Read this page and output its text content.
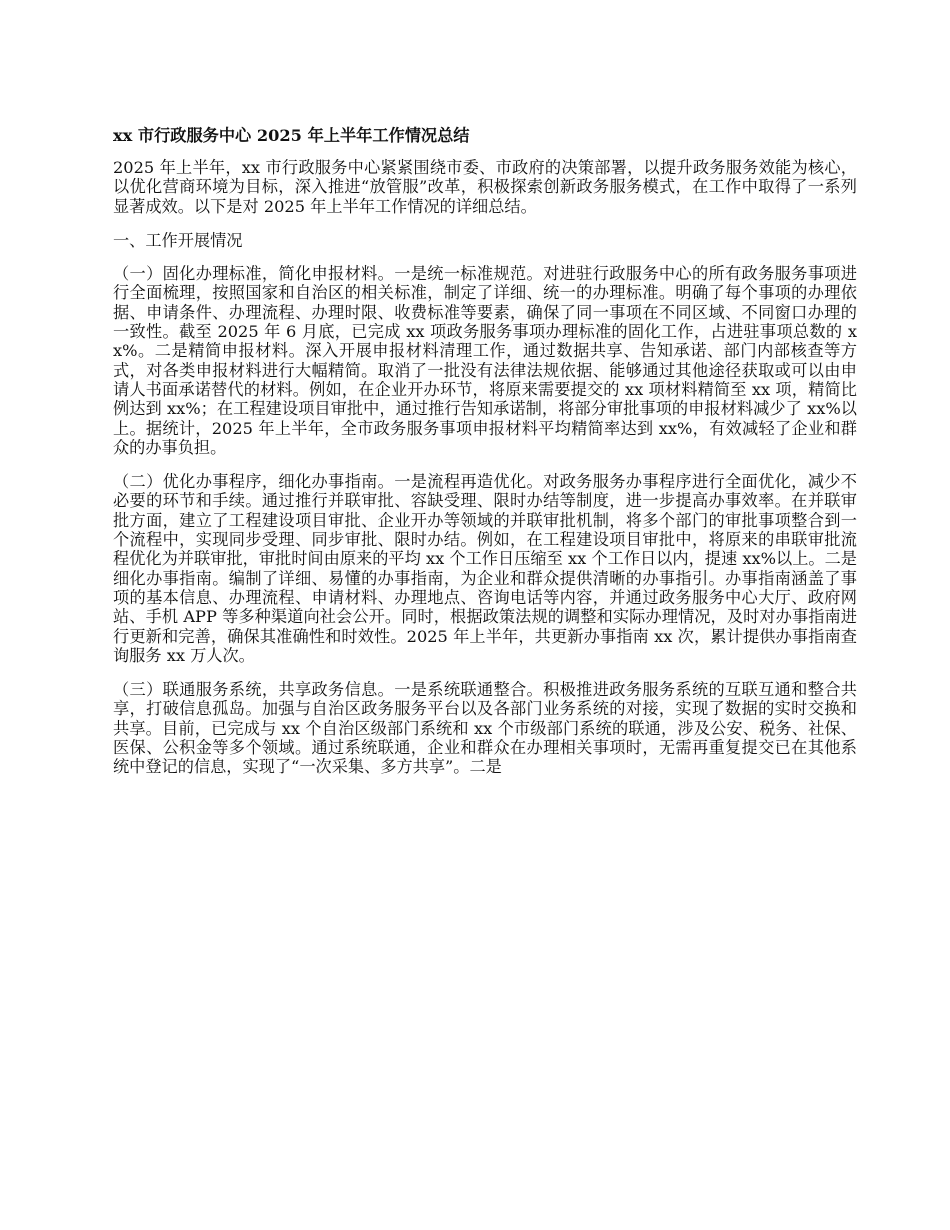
xx 市行政服务中心 2025 年上半年工作情况总结
2025 年上半年，xx 市行政服务中心紧紧围绕市委、市政府的决策部署，以提升政务服务效能为核心，以优化营商环境为目标，深入推进“放管服”改革，积极探索创新政务服务模式，在工作中取得了一系列显著成效。以下是对 2025 年上半年工作情况的详细总结。
一、工作开展情况
（一）固化办理标准，简化申报材料。一是统一标准规范。对进驻行政服务中心的所有政务服务事项进行全面梳理，按照国家和自治区的相关标准，制定了详细、统一的办理标准。明确了每个事项的办理依据、申请条件、办理流程、办理时限、收费标准等要素，确保了同一事项在不同区域、不同窗口办理的一致性。截至 2025 年 6 月底，已完成 xx 项政务服务事项办理标准的固化工作，占进驻事项总数的 xx%。二是精简申报材料。深入开展申报材料清理工作，通过数据共享、告知承诺、部门内部核查等方式，对各类申报材料进行大幅精简。取消了一批没有法律法规依据、能够通过其他途径获取或可以由申请人书面承诺替代的材料。例如，在企业开办环节，将原来需要提交的 xx 项材料精简至 xx 项，精简比例达到 xx%；在工程建设项目审批中，通过推行告知承诺制，将部分审批事项的申报材料减少了 xx%以上。据统计，2025 年上半年，全市政务服务事项申报材料平均精简率达到 xx%，有效减轻了企业和群众的办事负担。
（二）优化办事程序，细化办事指南。一是流程再造优化。对政务服务办事程序进行全面优化，减少不必要的环节和手续。通过推行并联审批、容缺受理、限时办结等制度，进一步提高办事效率。在并联审批方面，建立了工程建设项目审批、企业开办等领域的并联审批机制，将多个部门的审批事项整合到一个流程中，实现同步受理、同步审批、限时办结。例如，在工程建设项目审批中，将原来的串联审批流程优化为并联审批，审批时间由原来的平均 xx 个工作日压缩至 xx 个工作日以内，提速 xx%以上。二是细化办事指南。编制了详细、易懂的办事指南，为企业和群众提供清晰的办事指引。办事指南涵盖了事项的基本信息、办理流程、申请材料、办理地点、咨询电话等内容，并通过政务服务中心大厅、政府网站、手机 APP 等多种渠道向社会公开。同时，根据政策法规的调整和实际办理情况，及时对办事指南进行更新和完善，确保其准确性和时效性。2025 年上半年，共更新办事指南 xx 次，累计提供办事指南查询服务 xx 万人次。
（三）联通服务系统，共享政务信息。一是系统联通整合。积极推进政务服务系统的互联互通和整合共享，打破信息孤岛。加强与自治区政务服务平台以及各部门业务系统的对接，实现了数据的实时交换和共享。目前，已完成与 xx 个自治区级部门系统和 xx 个市级部门系统的联通，涉及公安、税务、社保、医保、公积金等多个领域。通过系统联通，企业和群众在办理相关事项时，无需再重复提交已在其他系统中登记的信息，实现了“一次采集、多方共享”。二是
